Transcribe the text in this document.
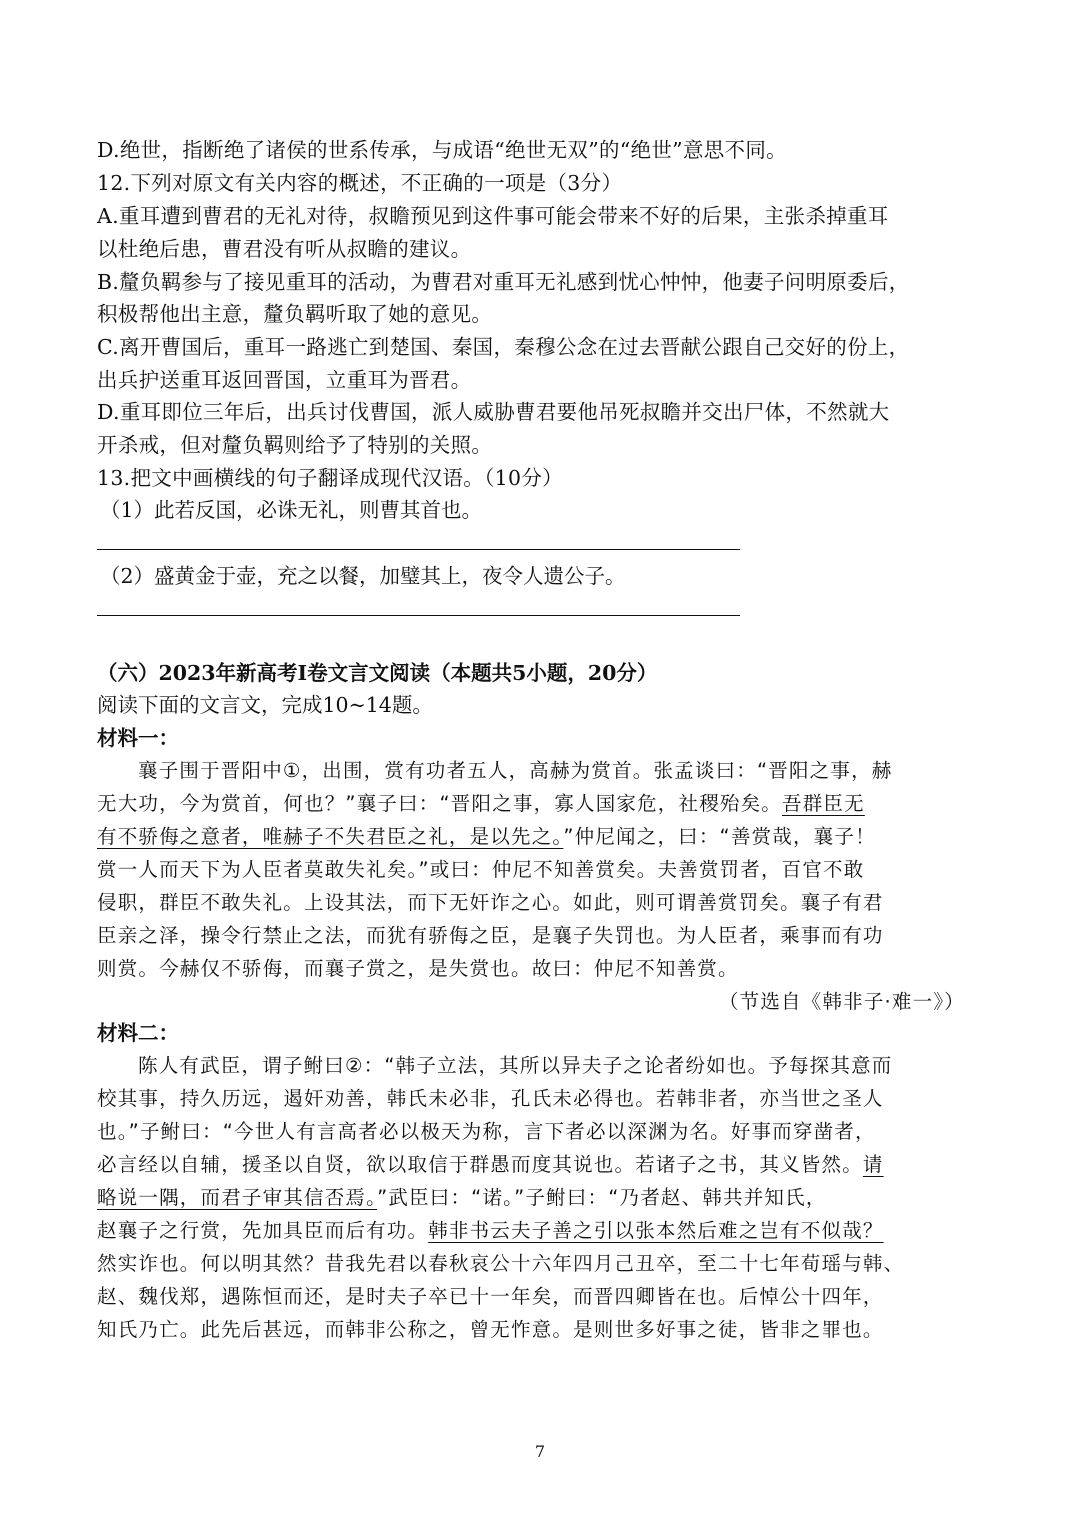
D.绝世，指断绝了诸侯的世系传承，与成语“绝世无双”的“绝世”意思不同。
12.下列对原文有关内容的概述，不正确的一项是（3分）
A.重耳遭到曹君的无礼对待，叔瞻预见到这件事可能会带来不好的后果，主张杀掉重耳
以杜绝后患，曹君没有听从叔瞻的建议。
B.釐负羁参与了接见重耳的活动，为曹君对重耳无礼感到忧心忡忡，他妻子问明原委后，
积极帮他出主意，釐负羁听取了她的意见。
C.离开曹国后，重耳一路逃亡到楚国、秦国，秦穆公念在过去晋献公跟自己交好的份上，
出兵护送重耳返回晋国，立重耳为晋君。
D.重耳即位三年后，出兵讨伐曹国，派人威胁曹君要他吊死叔瞻并交出尸体，不然就大
开杀戒，但对釐负羁则给予了特别的关照。
13.把文中画横线的句子翻译成现代汉语。（10分）
（1）此若反国，必诛无礼，则曹其首也。
（2）盛黄金于壶，充之以餐，加璧其上，夜令人遗公子。
（六）2023年新高考Ⅰ卷文言文阅读（本题共5小题，20分）
阅读下面的文言文，完成10~14题。
材料一：
襄子围于晋阳中①，出围，赏有功者五人，高赫为赏首。张孟谈曰：“晋阳之事，赫
无大功，今为赏首，何也？”襄子曰：“晋阳之事，寡人国家危，社稷殆矣。吾群臣无
有不骄侮之意者，唯赫子不失君臣之礼，是以先之。”仲尼闻之，曰：“善赏哉，襄子！
赏一人而天下为人臣者莫敢失礼矣。”或曰：仲尼不知善赏矣。夫善赏罚者，百官不敢
侵职，群臣不敢失礼。上设其法，而下无奸诈之心。如此，则可谓善赏罚矣。襄子有君
臣亲之泽，操令行禁止之法，而犹有骄侮之臣，是襄子失罚也。为人臣者，乘事而有功
则赏。今赫仅不骄侮，而襄子赏之，是失赏也。故曰：仲尼不知善赏。
（节选自《韩非子·难一》）
材料二：
陈人有武臣，谓子鲋曰②：“韩子立法，其所以异夫子之论者纷如也。予每探其意而
校其事，持久历远，遏奸劝善，韩氏未必非，孔氏未必得也。若韩非者，亦当世之圣人
也。”子鲋曰：“今世人有言高者必以极天为称，言下者必以深渊为名。好事而穿凿者，
必言经以自辅，援圣以自贤，欲以取信于群愚而度其说也。若诸子之书，其义皆然。请
略说一隅，而君子审其信否焉。”武臣曰：“诺。”子鲋曰：“乃者赵、韩共并知氏，
赵襄子之行赏，先加具臣而后有功。韩非书云夫子善之引以张本然后难之岂有不似哉？
然实诈也。何以明其然？昔我先君以春秋哀公十六年四月己丑卒，至二十七年荀瑶与韩、
赵、魏伐郑，遇陈恒而还，是时夫子卒已十一年矣，而晋四卿皆在也。后悼公十四年，
知氏乃亡。此先后甚远，而韩非公称之，曾无怍意。是则世多好事之徒，皆非之罪也。
7
